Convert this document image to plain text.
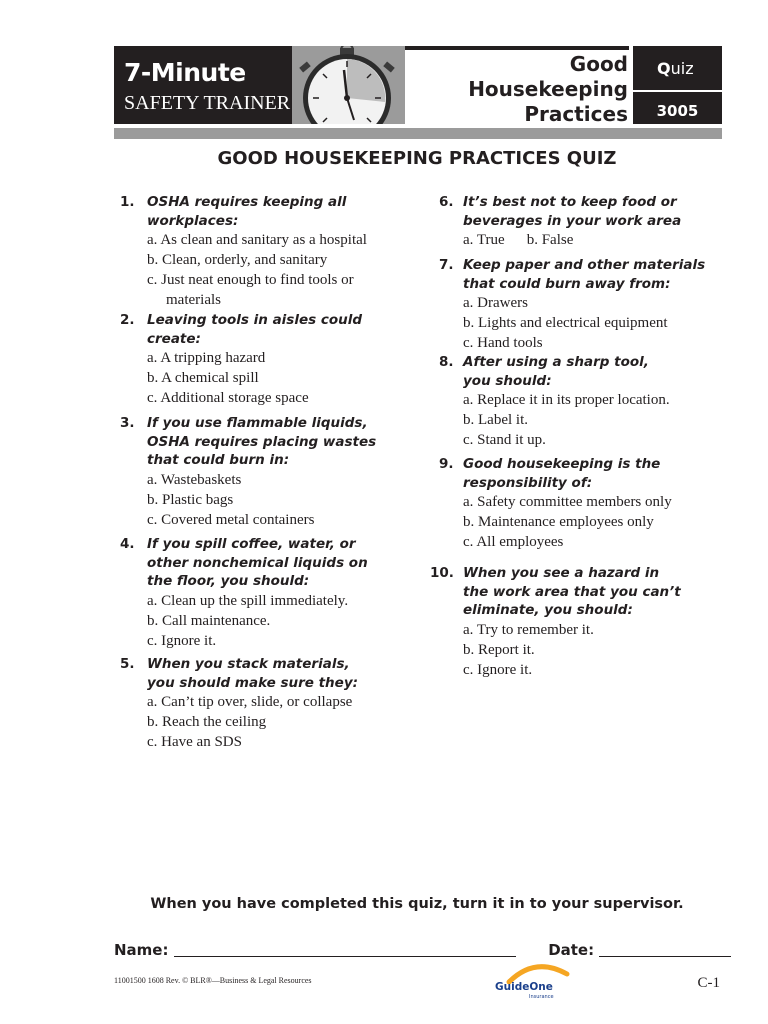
7-Minute
SAFETY TRAINER
Good
Housekeeping
Practices
Quiz
3005
GOOD HOUSEKEEPING PRACTICES QUIZ
1. OSHA requires keeping all
workplaces:
a. As clean and sanitary as a hospital
b. Clean, orderly, and sanitary
c. Just neat enough to find tools or
materials
2. Leaving tools in aisles could
create:
a. A tripping hazard
b. A chemical spill
c. Additional storage space
3. If you use flammable liquids,
OSHA requires placing wastes
that could burn in:
a. Wastebaskets
b. Plastic bags
c. Covered metal containers
4. If you spill coffee, water, or
other nonchemical liquids on
the floor, you should:
a. Clean up the spill immediately.
b. Call maintenance.
c. Ignore it.
5. When you stack materials,
you should make sure they:
a. Can’t tip over, slide, or collapse
b. Reach the ceiling
c. Have an SDS
6. It’s best not to keep food or
beverages in your work area
a. True b. False
7. Keep paper and other materials
that could burn away from:
a. Drawers
b. Lights and electrical equipment
c. Hand tools
8. After using a sharp tool,
you should:
a. Replace it in its proper location.
b. Label it.
c. Stand it up.
9. Good housekeeping is the
responsibility of:
a. Safety committee members only
b. Maintenance employees only
c. All employees
10. When you see a hazard in
the work area that you can’t
eliminate, you should:
a. Try to remember it.
b. Report it.
c. Ignore it.
When you have completed this quiz, turn it in to your supervisor.
Name:	Date:
11001500 1608 Rev. © BLR®—Business & Legal Resources
GuideOne
Insurance
C-1
